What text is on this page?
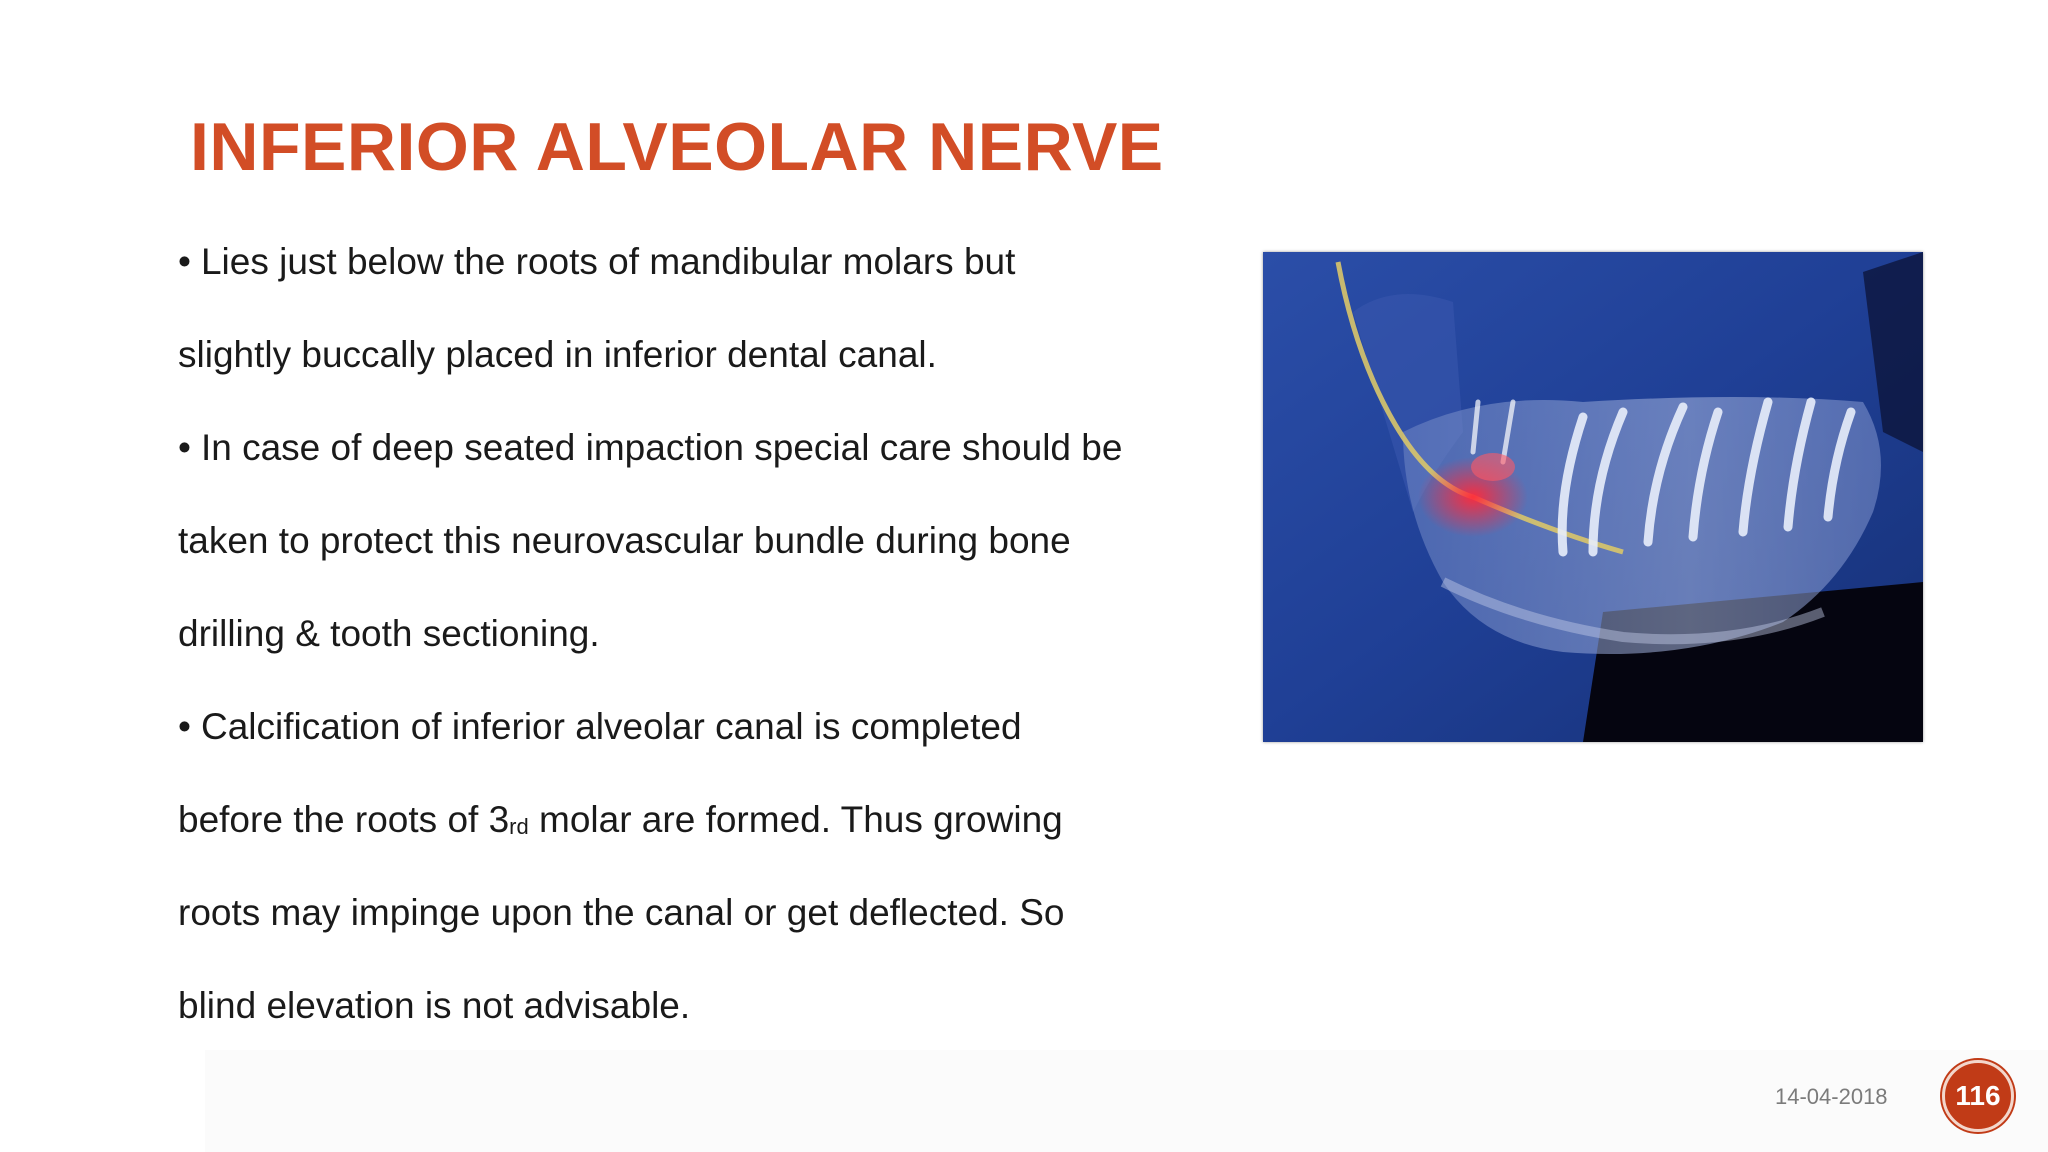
INFERIOR ALVEOLAR NERVE
• Lies just below the roots of mandibular molars but
slightly buccally placed in inferior dental canal.
• In case of deep seated impaction special care should be
taken to protect this neurovascular bundle during bone
drilling & tooth sectioning.
• Calcification of inferior alveolar canal is completed
before the roots of $3_{rd}$ molar are formed. Thus growing
roots may impinge upon the canal or get deflected. So
blind elevation is not advisable.
14-04-2018 116
